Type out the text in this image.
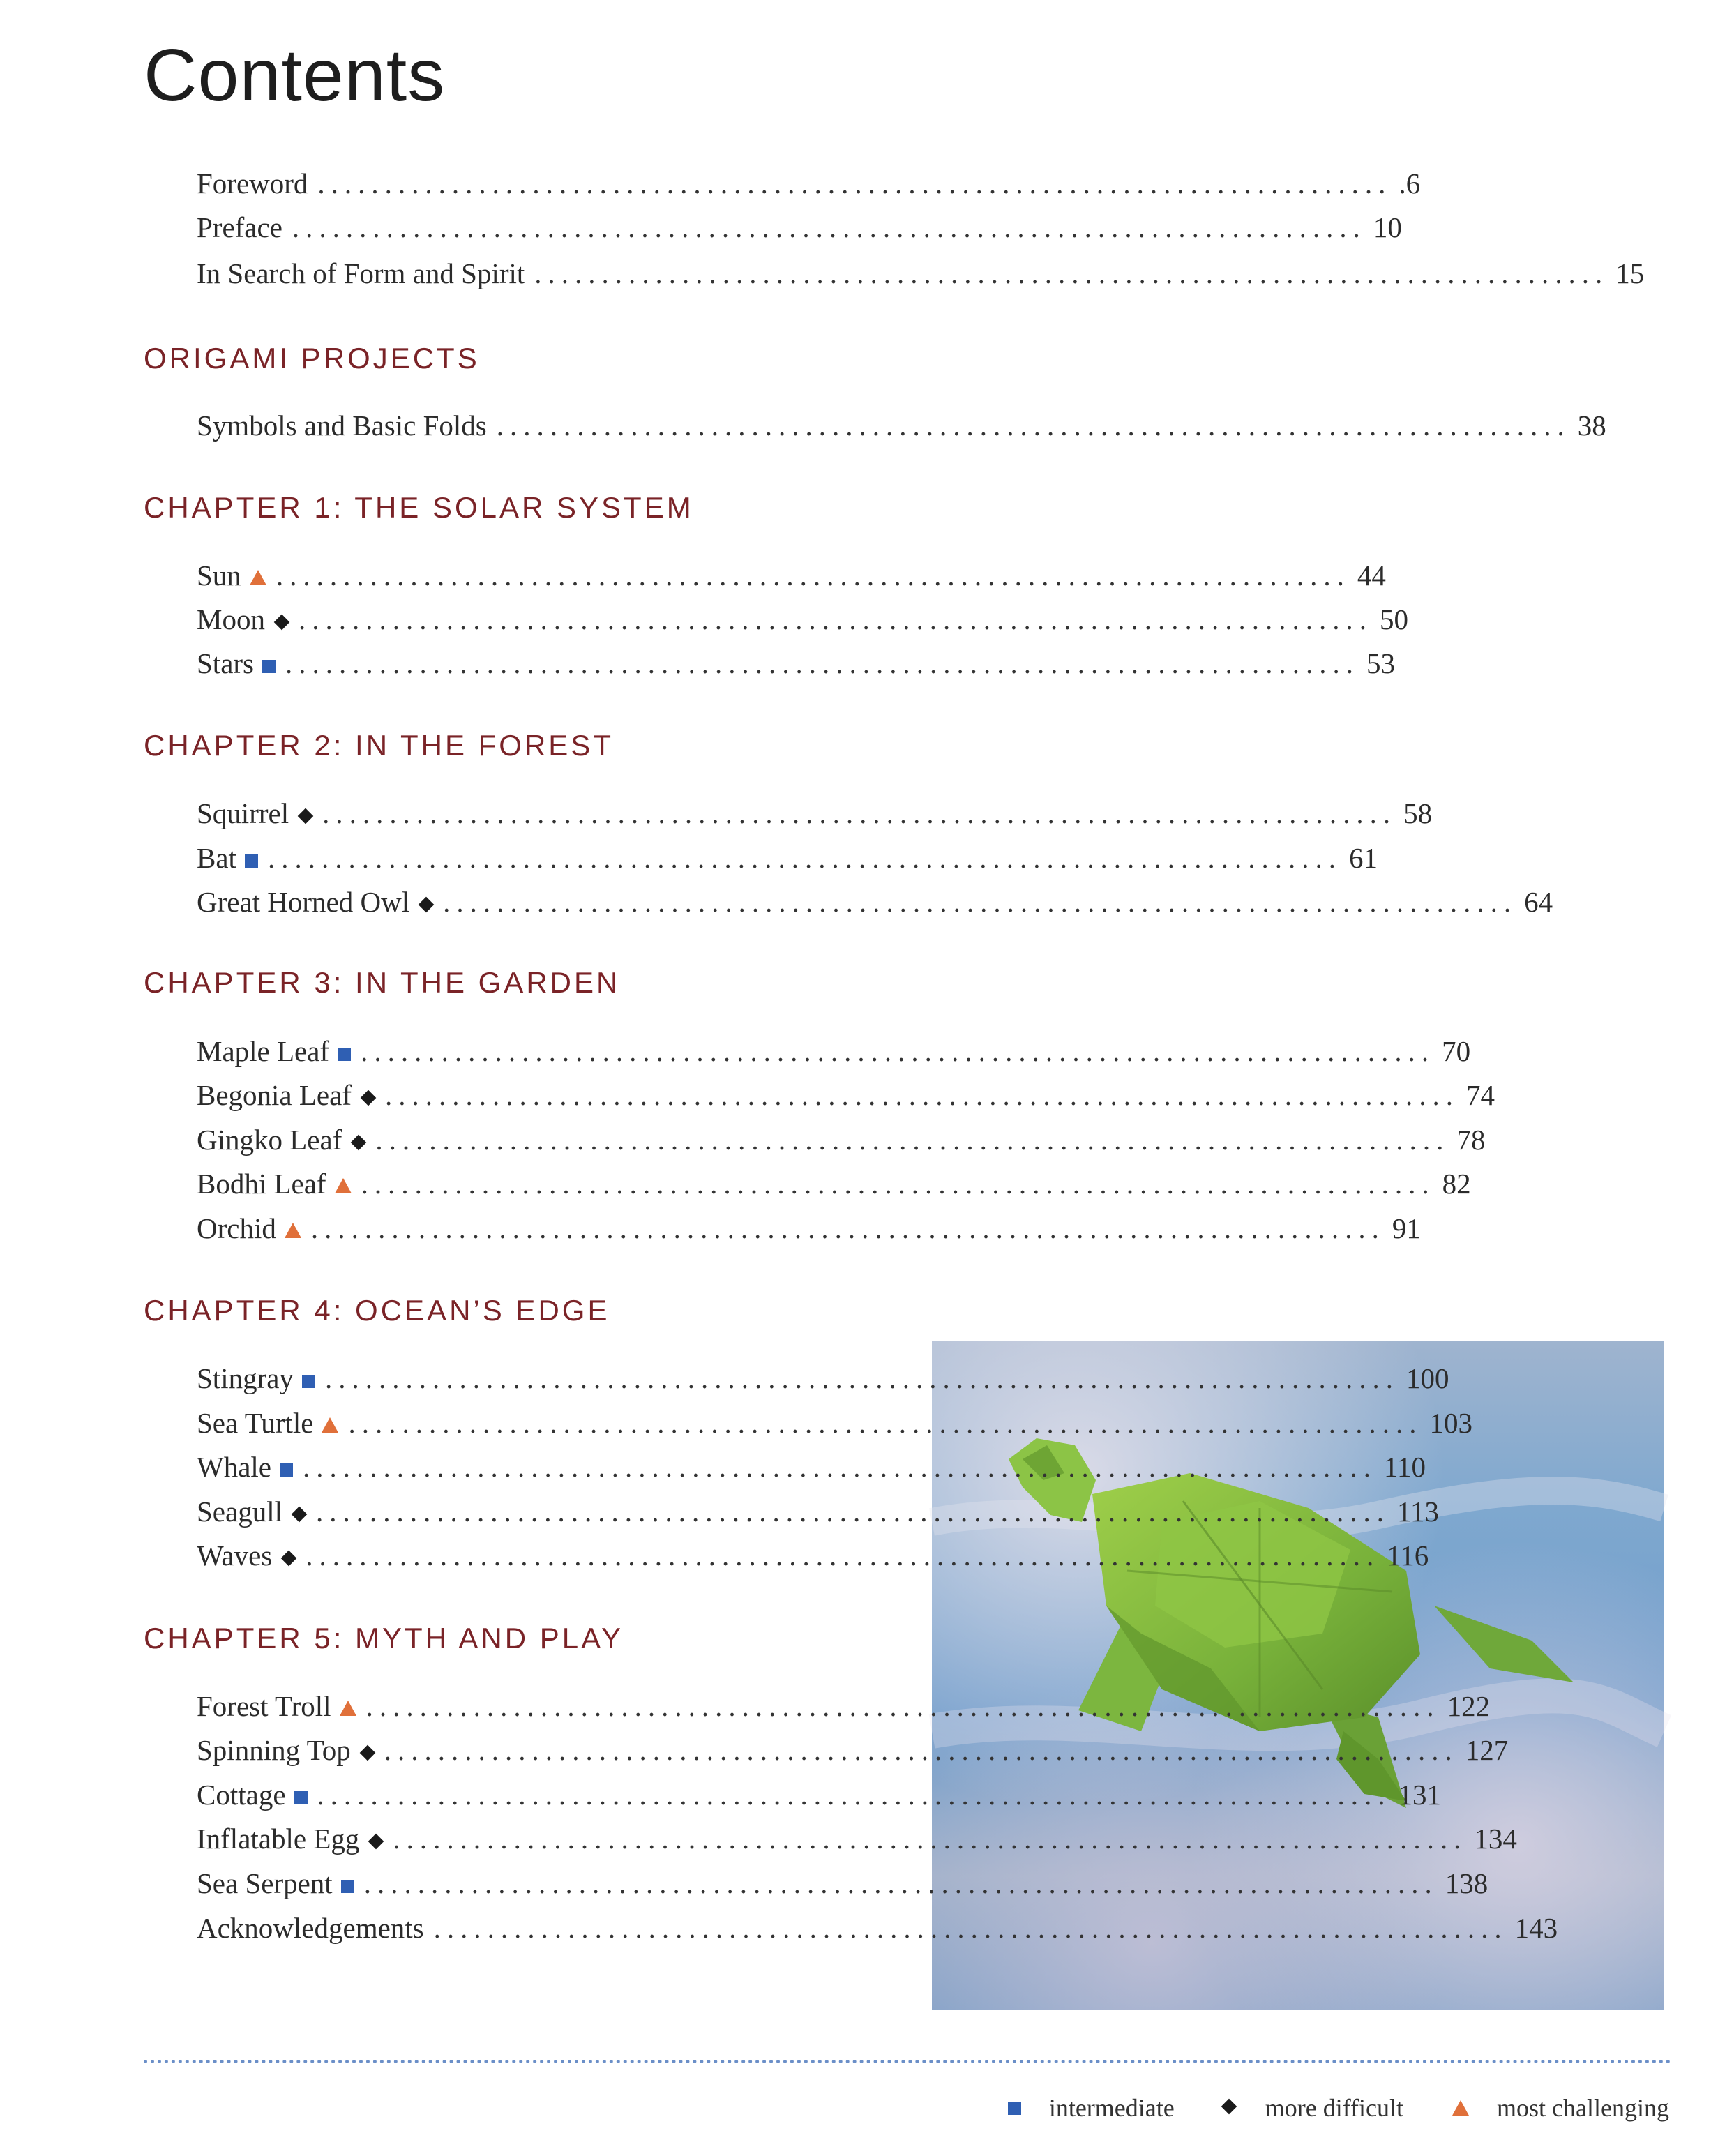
Contents
intermediate	more difficult	most challenging
Foreword ................................................................................ .6
Preface ................................................................................ 10
In Search of Form and Spirit ................................................................................ 15
ORIGAMI PROJECTS
Symbols and Basic Folds ................................................................................ 38
CHAPTER 1: THE SOLAR SYSTEM
Sun ................................................................................ 44
Moon ................................................................................ 50
Stars ................................................................................ 53
CHAPTER 2: IN THE FOREST
Squirrel ................................................................................ 58
Bat ................................................................................ 61
Great Horned Owl ................................................................................ 64
CHAPTER 3: IN THE GARDEN
Maple Leaf ................................................................................ 70
Begonia Leaf ................................................................................ 74
Gingko Leaf ................................................................................ 78
Bodhi Leaf ................................................................................ 82
Orchid ................................................................................ 91
CHAPTER 4: OCEAN’S EDGE
Stingray ................................................................................ 100
Sea Turtle ................................................................................ 103
Whale ................................................................................ 110
Seagull ................................................................................ 113
Waves ................................................................................ 116
CHAPTER 5: MYTH AND PLAY
Forest Troll ................................................................................ 122
Spinning Top ................................................................................ 127
Cottage ................................................................................ 131
Inflatable Egg ................................................................................ 134
Sea Serpent ................................................................................ 138
Acknowledgements ................................................................................ 143
